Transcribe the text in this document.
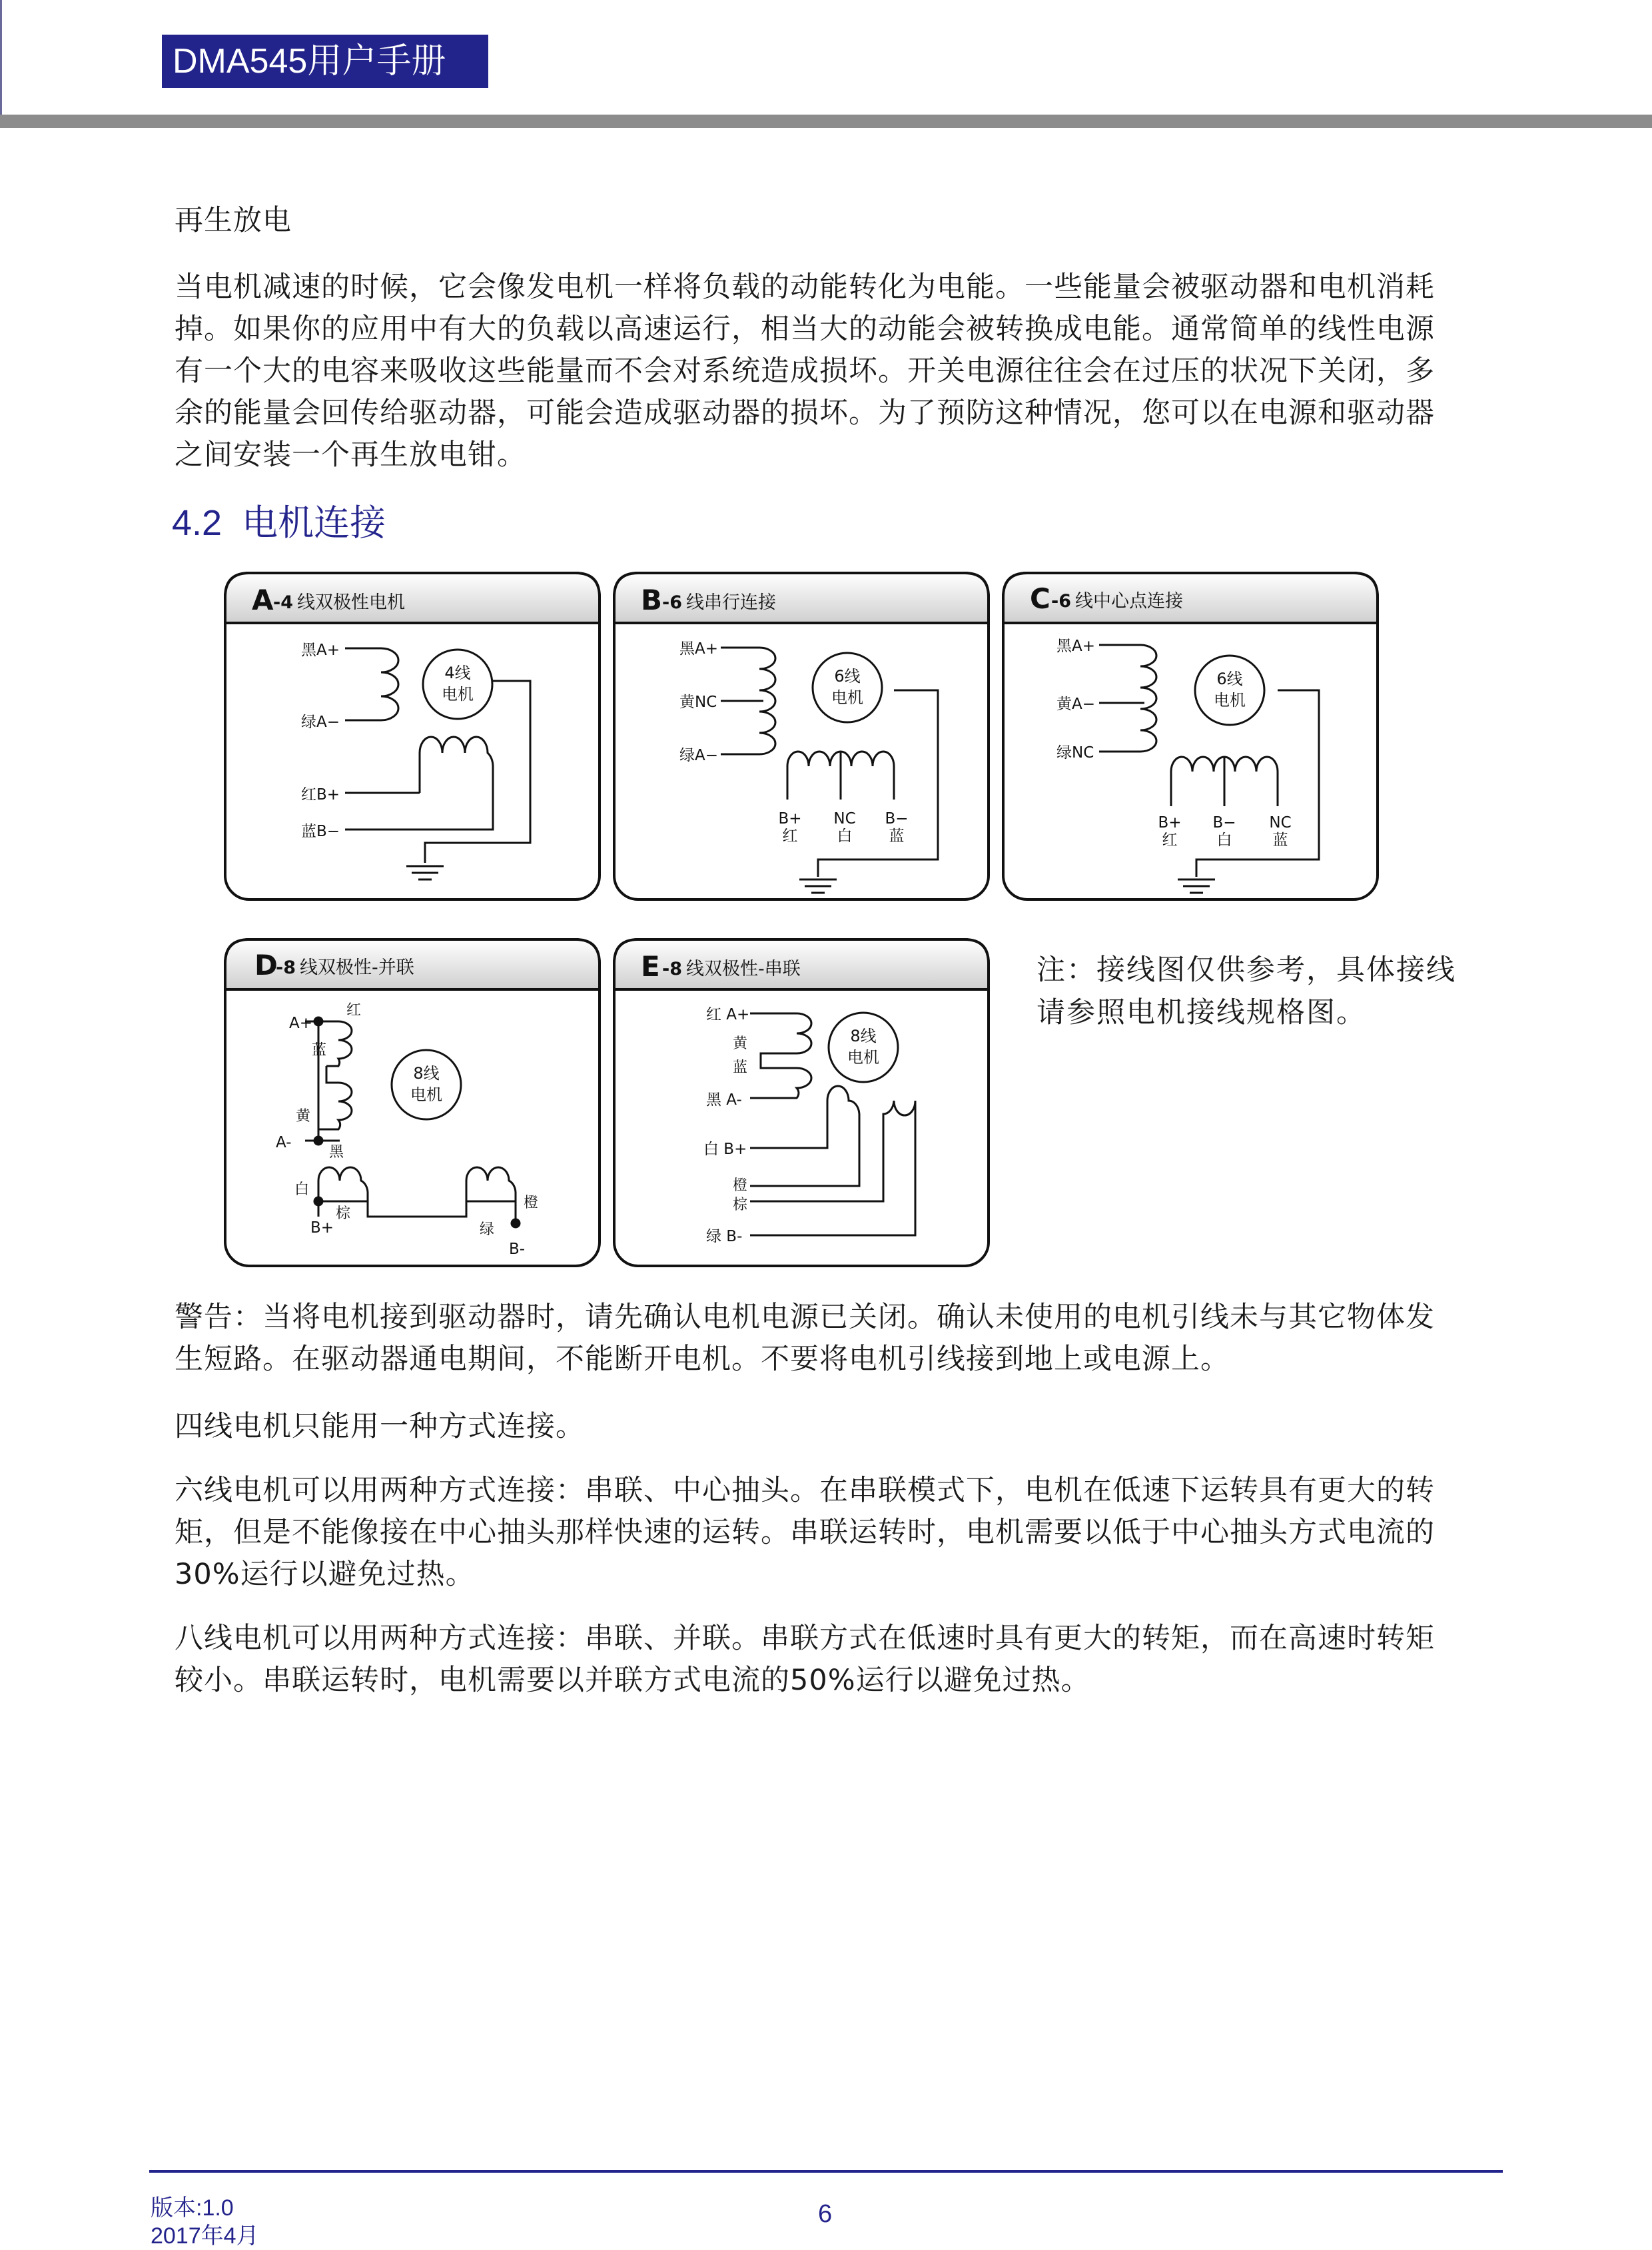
DMA545用户手册
再生放电

当电机减速的时候，它会像发电机一样将负载的动能转化为电能。一些能量会被驱动器和电机消耗

掉。如果你的应用中有大的负载以高速运行，相当大的动能会被转换成电能。通常简单的线性电源

有一个大的电容来吸收这些能量而不会对系统造成损坏。开关电源往往会在过压的状况下关闭，多

余的能量会回传给驱动器，可能会造成驱动器的损坏。为了预防这种情况，您可以在电源和驱动器

之间安装一个再生放电钳。

4.2 电机连接
A -4 线双极性电机
4线
电机
黑A+
绿A−
红B+
蓝B−
B -6 线串行连接
6线
电机
黑A+
黄NC
绿A−
B+
红
NC
白
B−
蓝
C -6 线中心点连接
6线
电机
黑A+
黄A−
绿NC
B+
红
B−
白
NC
蓝
D
-8 线双极性-并联
8线
电机
A+
红
蓝
黄
A-
黑
白
棕
B+
橙
绿
B-
E -8 线双极性-串联
8线
电机
红 A+
黄
蓝
黑 A-
白 B+
橙
棕
绿 B-
注：接线图仅供参考，具体接线
请参照电机接线规格图。

警告：当将电机接到驱动器时，请先确认电机电源已关闭。确认未使用的电机引线未与其它物体发

生短路。在驱动器通电期间，不能断开电机。不要将电机引线接到地上或电源上。

四线电机只能用一种方式连接。

六线电机可以用两种方式连接：串联、中心抽头。在串联模式下，电机在低速下运转具有更大的转

矩，但是不能像接在中心抽头那样快速的运转。串联运转时，电机需要以低于中心抽头方式电流的

30%运行以避免过热。

八线电机可以用两种方式连接：串联、并联。串联方式在低速时具有更大的转矩，而在高速时转矩

较小。串联运转时，电机需要以并联方式电流的50%运行以避免过热。

版本:1.0
2017年4月
6
